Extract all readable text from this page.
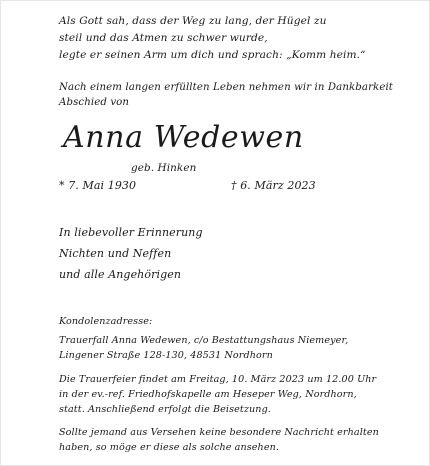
Als Gott sah, dass der Weg zu lang, der Hügel zu
steil und das Atmen zu schwer wurde,
legte er seinen Arm um dich und sprach: „Komm heim.“
Nach einem langen erfüllten Leben nehmen wir in Dankbarkeit
Abschied von
Anna Wedewen
geb. Hinken
* 7. Mai 1930	† 6. März 2023
In liebevoller Erinnerung
Nichten und Neffen
und alle Angehörigen
Kondolenzadresse:
Trauerfall Anna Wedewen, c/o Bestattungshaus Niemeyer,
Lingener Straße 128-130, 48531 Nordhorn
Die Trauerfeier findet am Freitag, 10. März 2023 um 12.00 Uhr
in der ev.-ref. Friedhofskapelle am Heseper Weg, Nordhorn,
statt. Anschließend erfolgt die Beisetzung.
Sollte jemand aus Versehen keine besondere Nachricht erhalten
haben, so möge er diese als solche ansehen.
